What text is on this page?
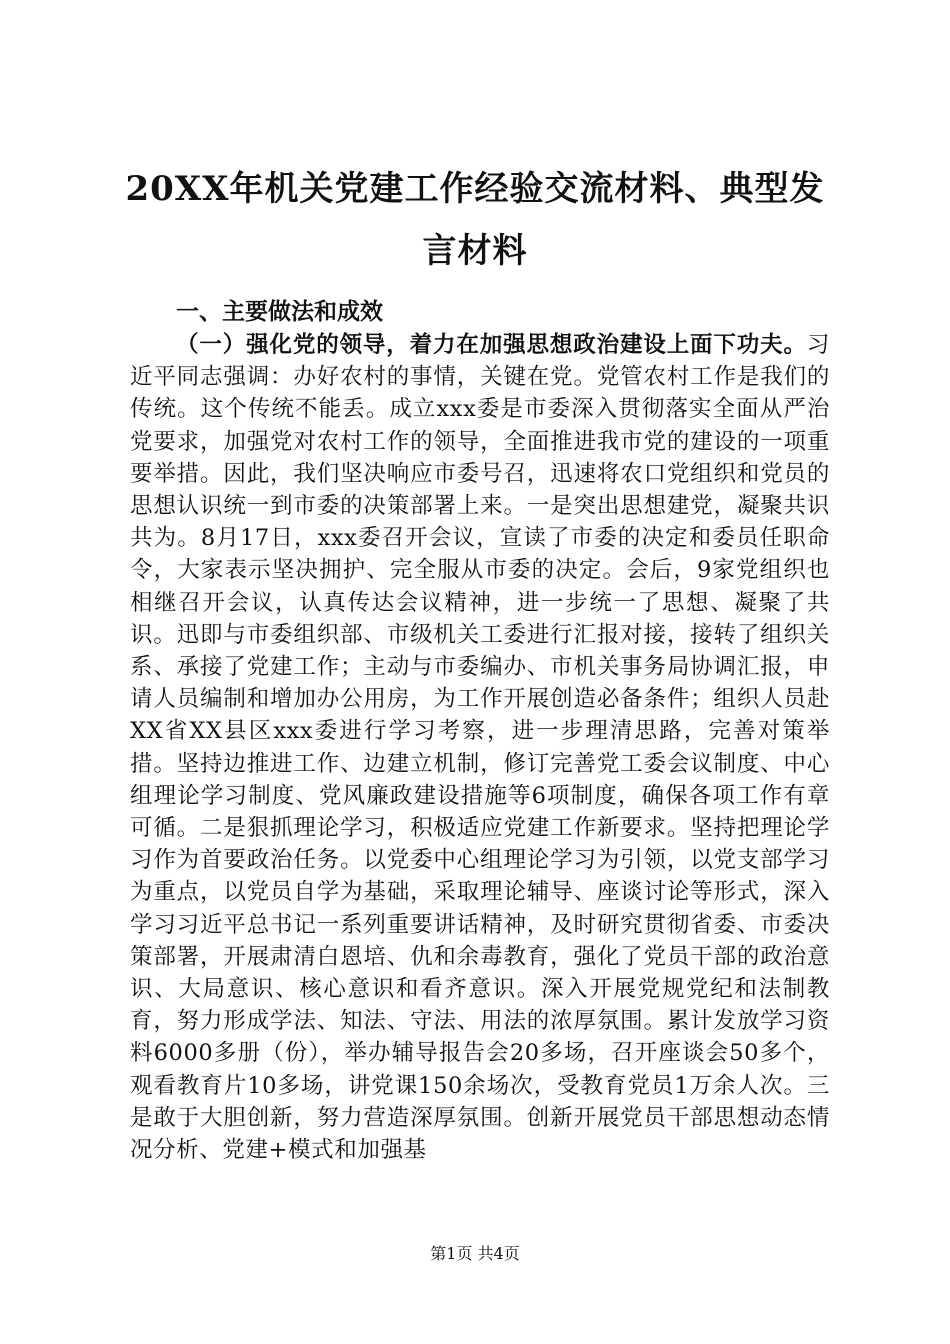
20XX年机关党建工作经验交流材料、典型发言材料
一、主要做法和成效
（一）强化党的领导，着力在加强思想政治建设上面下功夫。习近平同志强调：办好农村的事情，关键在党。党管农村工作是我们的传统。这个传统不能丢。成立xxx委是市委深入贯彻落实全面从严治党要求，加强党对农村工作的领导，全面推进我市党的建设的一项重要举措。因此，我们坚决响应市委号召，迅速将农口党组织和党员的思想认识统一到市委的决策部署上来。一是突出思想建党，凝聚共识共为。8月17日，xxx委召开会议，宣读了市委的决定和委员任职命令，大家表示坚决拥护、完全服从市委的决定。会后，9家党组织也相继召开会议，认真传达会议精神，进一步统一了思想、凝聚了共识。迅即与市委组织部、市级机关工委进行汇报对接，接转了组织关系、承接了党建工作；主动与市委编办、市机关事务局协调汇报，申请人员编制和增加办公用房，为工作开展创造必备条件；组织人员赴XX省XX县区xxx委进行学习考察，进一步理清思路，完善对策举措。坚持边推进工作、边建立机制，修订完善党工委会议制度、中心组理论学习制度、党风廉政建设措施等6项制度，确保各项工作有章可循。二是狠抓理论学习，积极适应党建工作新要求。坚持把理论学习作为首要政治任务。以党委中心组理论学习为引领，以党支部学习为重点，以党员自学为基础，采取理论辅导、座谈讨论等形式，深入学习习近平总书记一系列重要讲话精神，及时研究贯彻省委、市委决策部署，开展肃清白恩培、仇和余毒教育，强化了党员干部的政治意识、大局意识、核心意识和看齐意识。深入开展党规党纪和法制教育，努力形成学法、知法、守法、用法的浓厚氛围。累计发放学习资料6000多册（份），举办辅导报告会20多场，召开座谈会50多个，观看教育片10多场，讲党课150余场次，受教育党员1万余人次。三是敢于大胆创新，努力营造深厚氛围。创新开展党员干部思想动态情况分析、党建+模式和加强基
第1页 共4页
